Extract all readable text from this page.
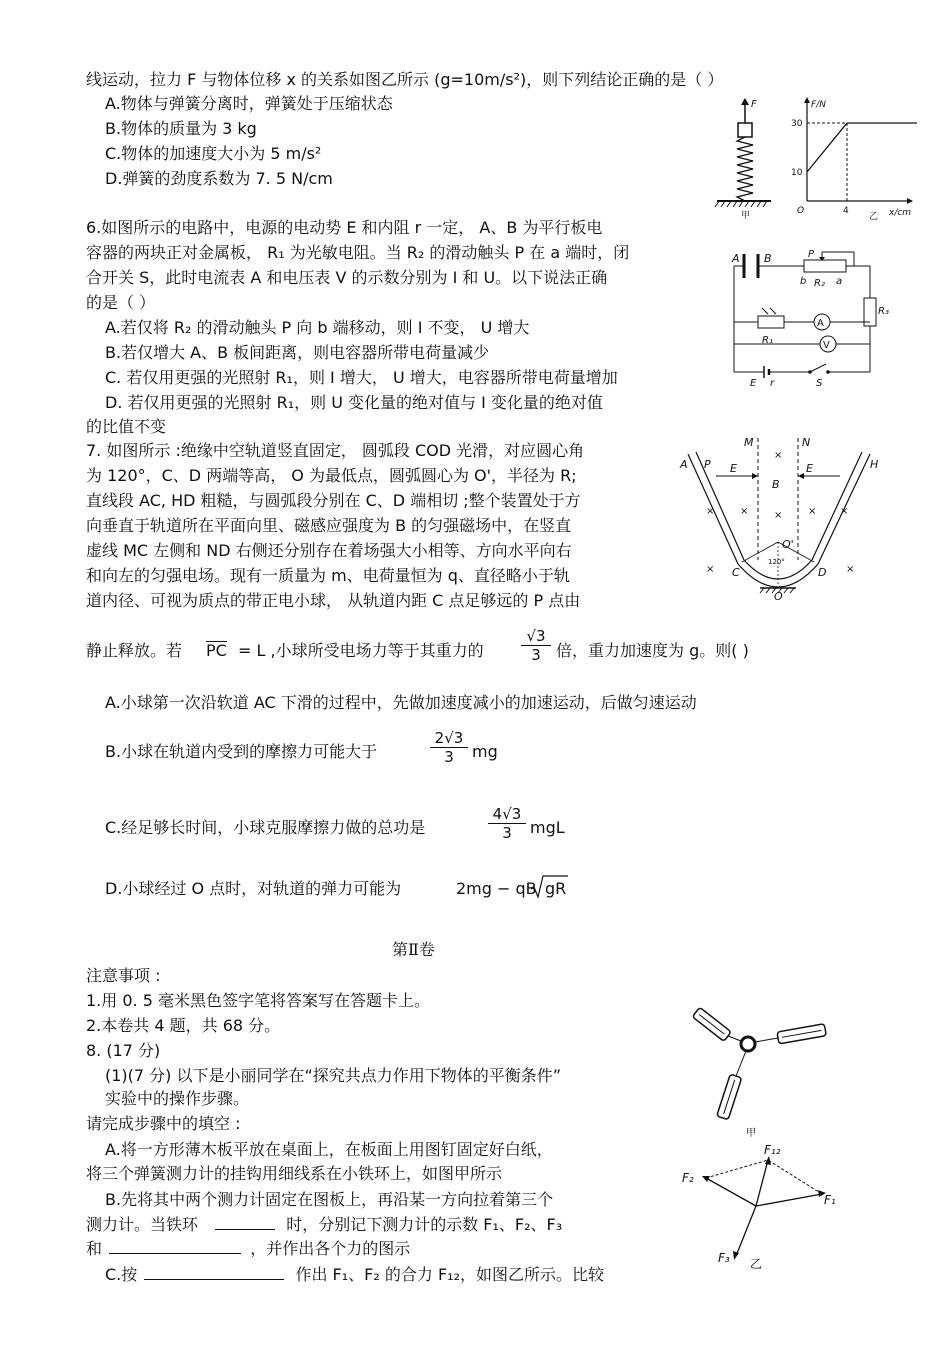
线运动，拉力 F 与物体位移 x 的关系如图乙所示 (g=10m/s²)，则下列结论正确的是（ ）
A.物体与弹簧分离时，弹簧处于压缩状态
B.物体的质量为 3 kg
C.物体的加速度大小为 5 m/s²
D.弹簧的劲度系数为 7. 5 N/cm
F
甲
F/N
x/cm
O
30
10
4
乙
6.如图所示的电路中，电源的电动势 E 和内阻 r 一定， A、B 为平行板电
容器的两块正对金属板， R₁ 为光敏电阻。当 R₂ 的滑动触头 P 在 a 端时，闭
合开关 S，此时电流表 A 和电压表 V 的示数分别为 I 和 U。以下说法正确
的是（ ）
A.若仅将 R₂ 的滑动触头 P 向 b 端移动，则 I 不变， U 增大
B.若仅增大 A、B 板间距离，则电容器所带电荷量减少
C. 若仅用更强的光照射 R₁，则 I 增大， U 增大，电容器所带电荷量增加
D. 若仅用更强的光照射 R₁，则 U 变化量的绝对值与 I 变化量的绝对值
的比值不变
A B	P
b R₂ a
R₃
R₁
A
V
E r	S
7. 如图所示 :绝缘中空轨道竖直固定， 圆弧段 COD 光滑，对应圆心角
为 120°，C、D 两端等高， O 为最低点，圆弧圆心为 O'，半径为 R;
直线段 AC, HD 粗糙，与圆弧段分别在 C、D 端相切 ;整个装置处于方
向垂直于轨道所在平面向里、磁感应强度为 B 的匀强磁场中，在竖直
虚线 MC 左侧和 ND 右侧还分别存在着场强大小相等、方向水平向右
和向左的匀强电场。现有一质量为 m、电荷量恒为 q、直径略小于轨
道内径、可视为质点的带正电小球， 从轨道内距 C 点足够远的 P 点由
静止释放。若 PC = L ,小球所受电场力等于其重力的 $\frac{√3}{3}$ 倍，重力加速度为 g。则( )
A.小球第一次沿软道 AC 下滑的过程中，先做加速度减小的加速运动，后做匀速运动
B.小球在轨道内受到的摩擦力可能大于	$\frac{2√3}{3}$ mg
C.经足够长时间，小球克服摩擦力做的总功是	$\frac{4√3}{3}$ mgL
D.小球经过 O 点时，对轨道的弹力可能为	2mg − qB gR
M	N
A P	H
E	E
B
O'
120°
C	D
O
×
×
×	×
×	×
×	×
第Ⅱ卷
注意事项 :
1.用 0. 5 毫米黑色签字笔将答案写在答题卡上。
2.本卷共 4 题，共 68 分。
8. (17 分)
(1)(7 分) 以下是小丽同学在“探究共点力作用下物体的平衡条件”
实验中的操作步骤。
请完成步骤中的填空 :
A.将一方形薄木板平放在桌面上，在板面上用图钉固定好白纸，
将三个弹簧测力计的挂钩用细线系在小铁环上，如图甲所示
B.先将其中两个测力计固定在图板上，再沿某一方向拉着第三个
测力计。当铁环	时，分别记下测力计的示数 F₁、F₂、F₃
和	，并作出各个力的图示
C.按	作出 F₁、F₂ 的合力 F₁₂，如图乙所示。比较
甲
F₂
F₁₂
F₁
F₃ 乙
